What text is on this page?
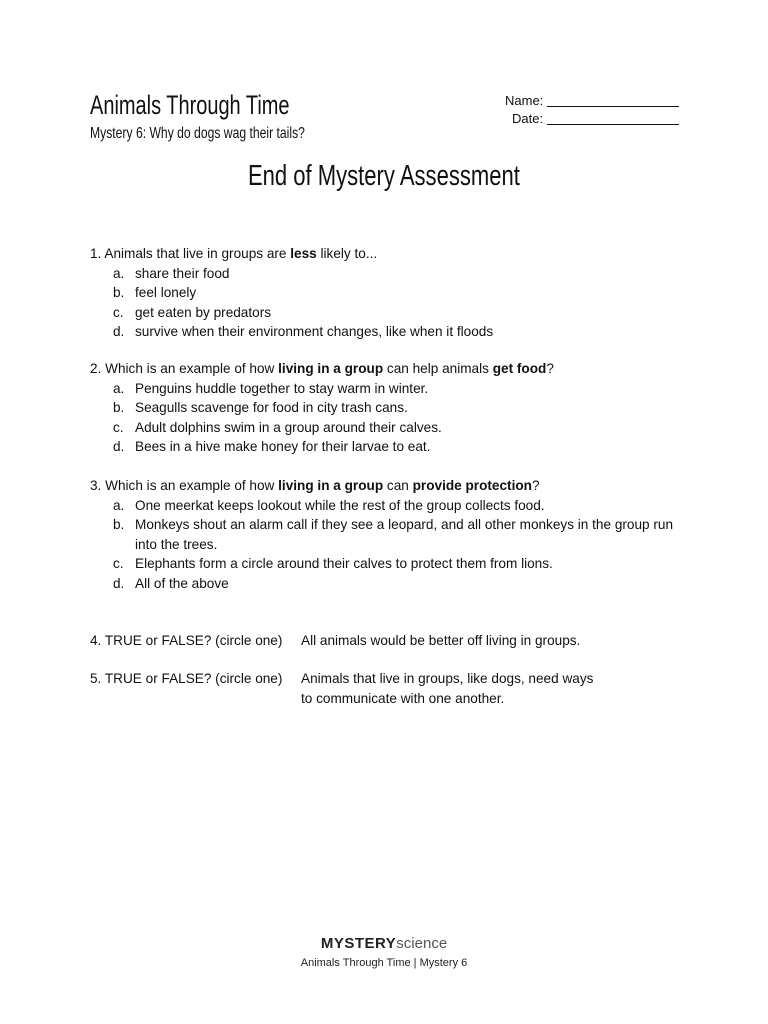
Animals Through Time
Mystery 6: Why do dogs wag their tails?
Name:
Date:
End of Mystery Assessment
1. Animals that live in groups are less likely to...
a. share their food
b. feel lonely
c. get eaten by predators
d. survive when their environment changes, like when it floods
2. Which is an example of how living in a group can help animals get food?
a. Penguins huddle together to stay warm in winter.
b. Seagulls scavenge for food in city trash cans.
c. Adult dolphins swim in a group around their calves.
d. Bees in a hive make honey for their larvae to eat.
3. Which is an example of how living in a group can provide protection?
a. One meerkat keeps lookout while the rest of the group collects food.
b. Monkeys shout an alarm call if they see a leopard, and all other monkeys in the group run into the trees.
c. Elephants form a circle around their calves to protect them from lions.
d. All of the above
4. TRUE or FALSE? (circle one) All animals would be better off living in groups.
5. TRUE or FALSE? (circle one) Animals that live in groups, like dogs, need ways to communicate with one another.
MYSTERYscience
Animals Through Time | Mystery 6
